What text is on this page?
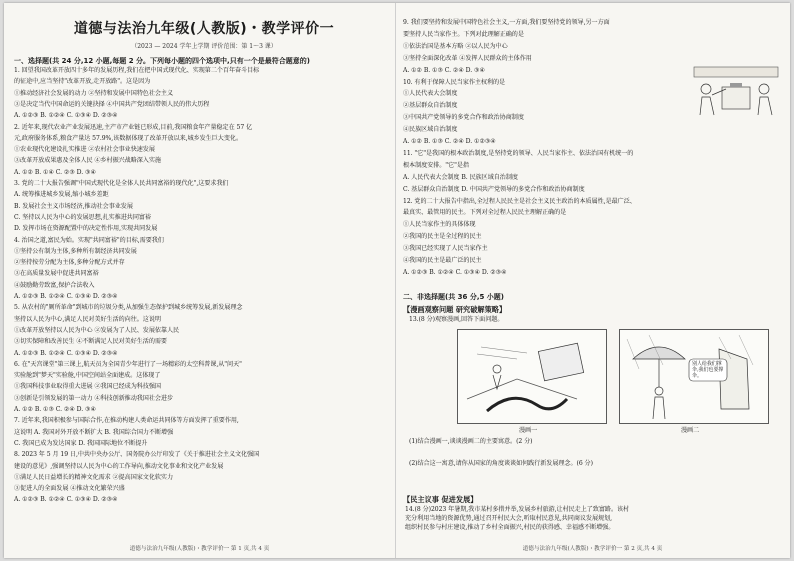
道德与法治九年级(人教版)・教学评价一
（2023 — 2024 学年上学期 评价范围：第 1～3 课）
一、选择题(共 24 分,12 小题,每题 2 分。下列每小题的四个选项中,只有一个是最符合题意的)
1. 回望我国改革开放四十多年的发展历程,我们在把中国式现代化、实现第二个百年奋斗目标
的征途中,应当坚持"改革开放,走开放路"。这是因为
①推动经济社会发展的动力 ②坚持和发展中国特色社会主义
③是决定当代中国命运的关键抉择 ④中国共产党团结带领人民的伟大历程
A. ①②③ B. ①②④ C. ①③④ D. ②③④
2. 近年来,现代农业产业发展迅速,主产市产业链已形成,目前,我国粮食年产量稳定在 57 亿
元,政府服务体系,粮食产量达 57.9%,该数据体现了改革开放以来,城乡发生巨大变化。
①农业现代化建设扎实推进 ②农村社会事业快速发展
③改革开放成果惠及全体人民 ④乡村振兴战略深入实施
A. ①② B. ①④ C. ②③ D. ③④
3. 党的二十大报告强调"中国式现代化是全体人民共同富裕的现代化",这要求我们
A. 统筹推进城乡发展,缩小城乡差距
B. 发展社会主义市场经济,推动社会事业发展
C. 坚持以人民为中心的发展思想,扎实推进共同富裕
D. 发挥市场在资源配置中的决定性作用,实现共同发展
4. 治国之道,富民为始。实现"共同富裕"的目标,需要我们
①坚持公有制为主体,多种所有制经济共同发展
②坚持按劳分配为主体,多种分配方式并存
③在高质量发展中促进共同富裕
④鼓励勤劳致富,保护合法收入
A. ①②③ B. ①②④ C. ①③④ D. ②③④
5. 从农村的"厕所革命"到城市的垃圾分类,从加强生态保护到城乡统筹发展,新发展理念
坚持以人民为中心,满足人民对美好生活的向往。这说明
①改革开放坚持以人民为中心 ②发展为了人民、发展依靠人民
③切实保障和改善民生 ④不断满足人民对美好生活的需要
A. ①②③ B. ①②④ C. ①③④ D. ②③④
6. 在"天宫课堂"第三课上,航天员为全国青少年进行了一场精彩的太空科普课,从"问天"
实验舱到"梦天"实验舱,中国空间站全面建成。这体现了
①我国科技事业取得重大进展 ②我国已经成为科技强国
③创新是引领发展的第一动力 ④科技创新推动我国社会进步
A. ①② B. ①③ C. ②④ D. ③④
7. 近年来,我国积极参与国际合作,在推动构建人类命运共同体等方面发挥了重要作用,
这说明 A. 我国对外开放不断扩大 B. 我国综合国力不断增强
C. 我国已成为发达国家 D. 我国国际地位不断提升
8. 2023 年 5 月 19 日,中共中央办公厅、国务院办公厅印发了《关于推进社会主义文化强国
建设的意见》,强调坚持以人民为中心的工作导向,推动文化事业和文化产业发展
①满足人民日益增长的精神文化需求 ②提高国家文化软实力
③促进人的全面发展 ④推动文化繁荣兴盛
A. ①②③ B. ①②④ C. ①③④ D. ②③④
道德与法治九年级(人教版)・教学评价一 第 1 页,共 4 页
9. 我们要坚持和发展中国特色社会主义,一方面,我们要坚持党的领导,另一方面
要坚持人民当家作主。下列对此理解正确的是
①依法治国是基本方略 ②以人民为中心
③坚持全面深化改革 ④发挥人民群众的主体作用
A. ①② B. ①③ C. ②④ D. ③④
10. 有利于保障人民当家作主权利的是
①人民代表大会制度
②基层群众自治制度
③中国共产党领导的多党合作和政治协商制度
④民族区域自治制度
A. ①② B. ①③ C. ②④ D. ①②③④
11. "它"是我国的根本政治制度,是坚持党的领导、人民当家作主、依法治国有机统一的
根本制度安排。"它"是指
A. 人民代表大会制度 B. 民族区域自治制度
C. 基层群众自治制度 D. 中国共产党领导的多党合作和政治协商制度
12. 党的二十大报告中指出,全过程人民民主是社会主义民主政治的本质属性,是最广泛、
最真实、最管用的民主。下列对全过程人民民主理解正确的是
①人民当家作主的具体体现
②我国的民主是全过程的民主
③我国已经实现了人民当家作主
④我国的民主是最广泛的民主
A. ①②③ B. ①②④ C. ①③④ D. ②③④
二、非选择题(共 36 分,5 小题)
【漫画观察问题 研究破解策略】
13.(8 分)观察漫画,回答下面问题。
漫画一
别人给我们撑伞,我们也要撑伞。
漫画二
(1)结合漫画一,谈谈漫画二的主要寓意。(2 分)
(2)结合这一寓意,请你从国家的角度谈谈如何践行新发展理念。(6 分)
【民主议事 促进发展】
14.(8 分)2023 年暑期,我市某村多措并举,发展乡村旅游,让村民走上了致富路。该村
充分利用当地的资源优势,通过召开村民大会,听取村民意见,共同商议发展规划,
组织村民参与村庄建设,推动了乡村全面振兴,村民的获得感、幸福感不断增强。
道德与法治九年级(人教版)・教学评价一 第 2 页,共 4 页
